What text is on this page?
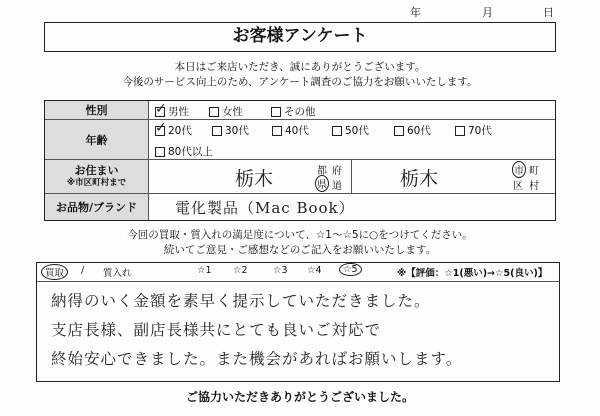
年	月	日
お客様アンケート
本日はご来店いただき、誠にありがとうございます。
今後のサービス向上のため、アンケート調査のご協力をお願いいたします。
性別
✓	男性	女性	その他
年齢
✓
20代	30代	40代	50代	60代	70代
80代以上
お住まい
※市区町村まで	栃木	都 府
県 道	栃木	市 町
区 村
お品物/ブランド	電化製品（Mac Book）
今回の買取・質入れの満足度について、☆1〜☆5に○をつけてください。
続いてご意見・ご感想などのご記入をお願いいたします。
買取	/ 質入れ	☆1 ☆2	☆3 ☆4	☆5	※【評価：☆1(悪い)→☆5(良い)】
納得のいく金額を素早く提示していただきました。
支店長様、副店長様共にとても良いご対応で
終始安心できました。また機会があればお願いします。
ご協力いただきありがとうございました。
